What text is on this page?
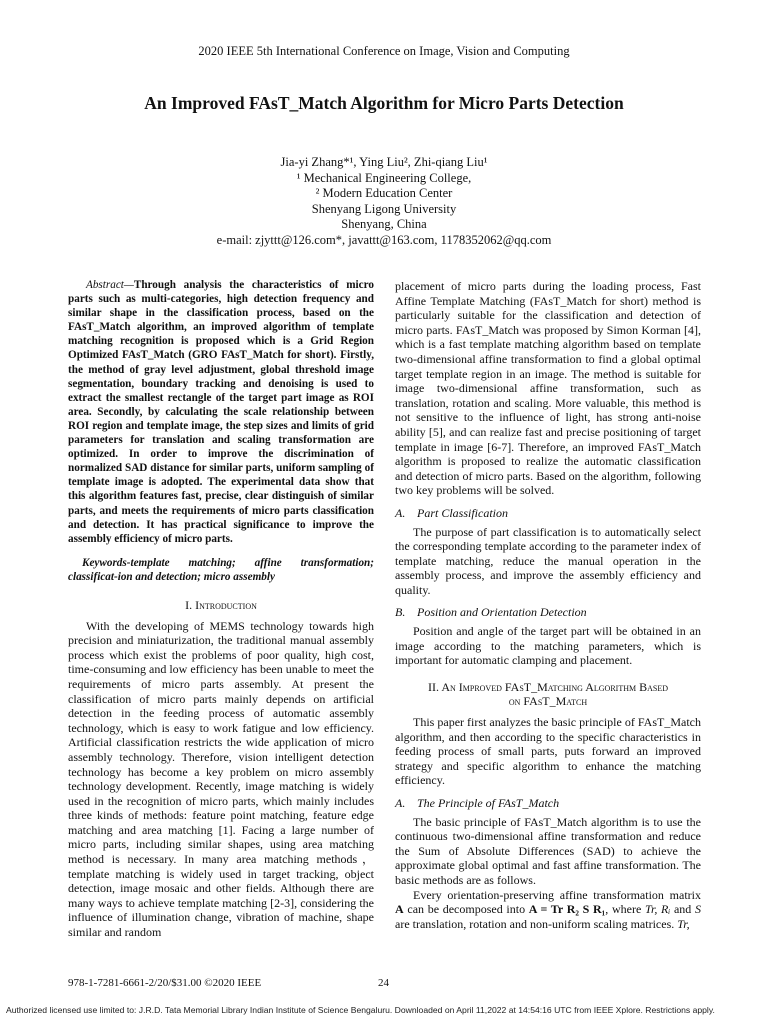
2020 IEEE 5th International Conference on Image, Vision and Computing
An Improved FAsT_Match Algorithm for Micro Parts Detection
Jia-yi Zhang*¹, Ying Liu², Zhi-qiang Liu¹
¹ Mechanical Engineering College,
² Modern Education Center
Shenyang Ligong University
Shenyang, China
e-mail: zjyttt@126.com*, javattt@163.com, 1178352062@qq.com

Abstract—Through analysis the characteristics of micro parts such as multi-categories, high detection frequency and similar shape in the classification process, based on the FAsT_Match algorithm, an improved algorithm of template matching recognition is proposed which is a Grid Region Optimized FAsT_Match (GRO FAsT_Match for short). Firstly, the method of gray level adjustment, global threshold image segmentation, boundary tracking and denoising is used to extract the smallest rectangle of the target part image as ROI area. Secondly, by calculating the scale relationship between ROI region and template image, the step sizes and limits of grid parameters for translation and scaling transformation are optimized. In order to improve the discrimination of normalized SAD distance for similar parts, uniform sampling of template image is adopted. The experimental data show that this algorithm features fast, precise, clear distinguish of similar parts, and meets the requirements of micro parts classification and detection. It has practical significance to improve the assembly efficiency of micro parts.

Keywords-template matching; affine transformation; classificat-ion and detection; micro assembly

I. Introduction

With the developing of MEMS technology towards high precision and miniaturization, the traditional manual assembly process which exist the problems of poor quality, high cost, time-consuming and low efficiency has been unable to meet the requirements of micro parts assembly. At present the classification of micro parts mainly depends on artificial detection in the feeding process of automatic assembly technology, which is easy to work fatigue and low efficiency. Artificial classification restricts the wide application of micro assembly technology. Therefore, vision intelligent detection technology has become a key problem on micro assembly technology development. Recently, image matching is widely used in the recognition of micro parts, which mainly includes three kinds of methods: feature point matching, feature edge matching and area matching [1]. Facing a large number of micro parts, including similar shapes, using area matching method is necessary. In many area matching methods，template matching is widely used in target tracking, object detection, image mosaic and other fields. Although there are many ways to achieve template matching [2-3], considering the influence of illumination change, vibration of machine, shape similar and random

placement of micro parts during the loading process, Fast Affine Template Matching (FAsT_Match for short) method is particularly suitable for the classification and detection of micro parts. FAsT_Match was proposed by Simon Korman [4], which is a fast template matching algorithm based on template two-dimensional affine transformation to find a global optimal target template region in an image. The method is suitable for image two-dimensional affine transformation, such as translation, rotation and scaling. More valuable, this method is not sensitive to the influence of light, has strong anti-noise ability [5], and can realize fast and precise positioning of target template in image [6-7]. Therefore, an improved FAsT_Match algorithm is proposed to realize the automatic classification and detection of micro parts. Based on the algorithm, following two key problems will be solved.

A. Part Classification

The purpose of part classification is to automatically select the corresponding template according to the parameter index of template matching, reduce the manual operation in the assembly process, and improve the assembly efficiency and quality.

B. Position and Orientation Detection

Position and angle of the target part will be obtained in an image according to the matching parameters, which is important for automatic clamping and placement.

II. An Improved FAsT_Matching Algorithm Based
on FAsT_Match

This paper first analyzes the basic principle of FAsT_Match algorithm, and then according to the specific characteristics in feeding process of small parts, puts forward an improved strategy and specific algorithm to enhance the matching efficiency.

A. The Principle of FAsT_Match

The basic principle of FAsT_Match algorithm is to use the continuous two-dimensional affine transformation and reduce the Sum of Absolute Differences (SAD) to achieve the approximate global optimal and fast affine transformation. The basic methods are as follows.

Every orientation-preserving affine transformation matrix A can be decomposed into A = Tr R₂ S R₁, where Tr, Rᵢ and S are translation, rotation and non-uniform scaling matrices. Tr,

978-1-7281-6661-2/20/$31.00 ©2020 IEEE	24
Authorized licensed use limited to: J.R.D. Tata Memorial Library Indian Institute of Science Bengaluru. Downloaded on April 11,2022 at 14:54:16 UTC from IEEE Xplore. Restrictions apply.
